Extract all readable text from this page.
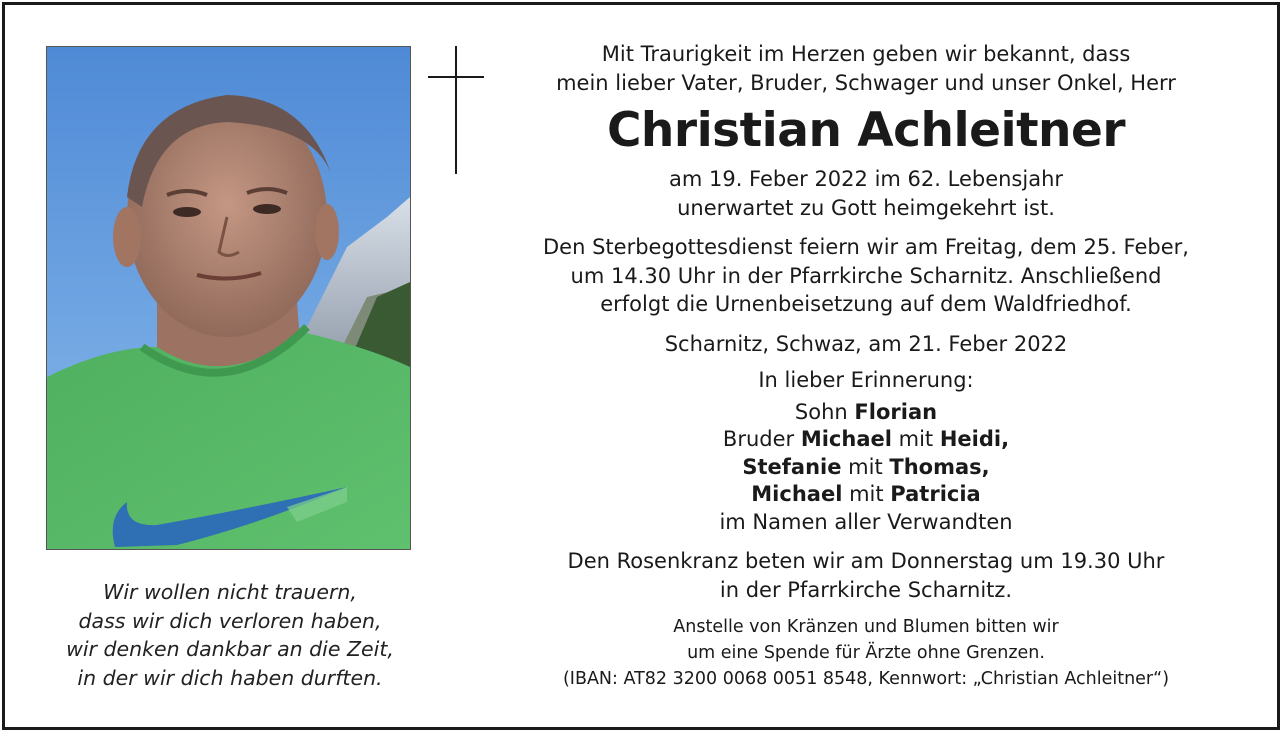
Wir wollen nicht trauern,
dass wir dich verloren haben,
wir denken dankbar an die Zeit,
in der wir dich haben durften.
Mit Traurigkeit im Herzen geben wir bekannt, dass
mein lieber Vater, Bruder, Schwager und unser Onkel, Herr
Christian Achleitner
am 19. Feber 2022 im 62. Lebensjahr
unerwartet zu Gott heimgekehrt ist.
Den Sterbegottesdienst feiern wir am Freitag, dem 25. Feber,
um 14.30 Uhr in der Pfarrkirche Scharnitz. Anschließend
erfolgt die Urnenbeisetzung auf dem Waldfriedhof.
Scharnitz, Schwaz, am 21. Feber 2022
In lieber Erinnerung:
Sohn Florian
Bruder Michael mit Heidi,
Stefanie mit Thomas,
Michael mit Patricia
im Namen aller Verwandten
Den Rosenkranz beten wir am Donnerstag um 19.30 Uhr
in der Pfarrkirche Scharnitz.
Anstelle von Kränzen und Blumen bitten wir
um eine Spende für Ärzte ohne Grenzen.
(IBAN: AT82 3200 0068 0051 8548, Kennwort: „Christian Achleitner“)
